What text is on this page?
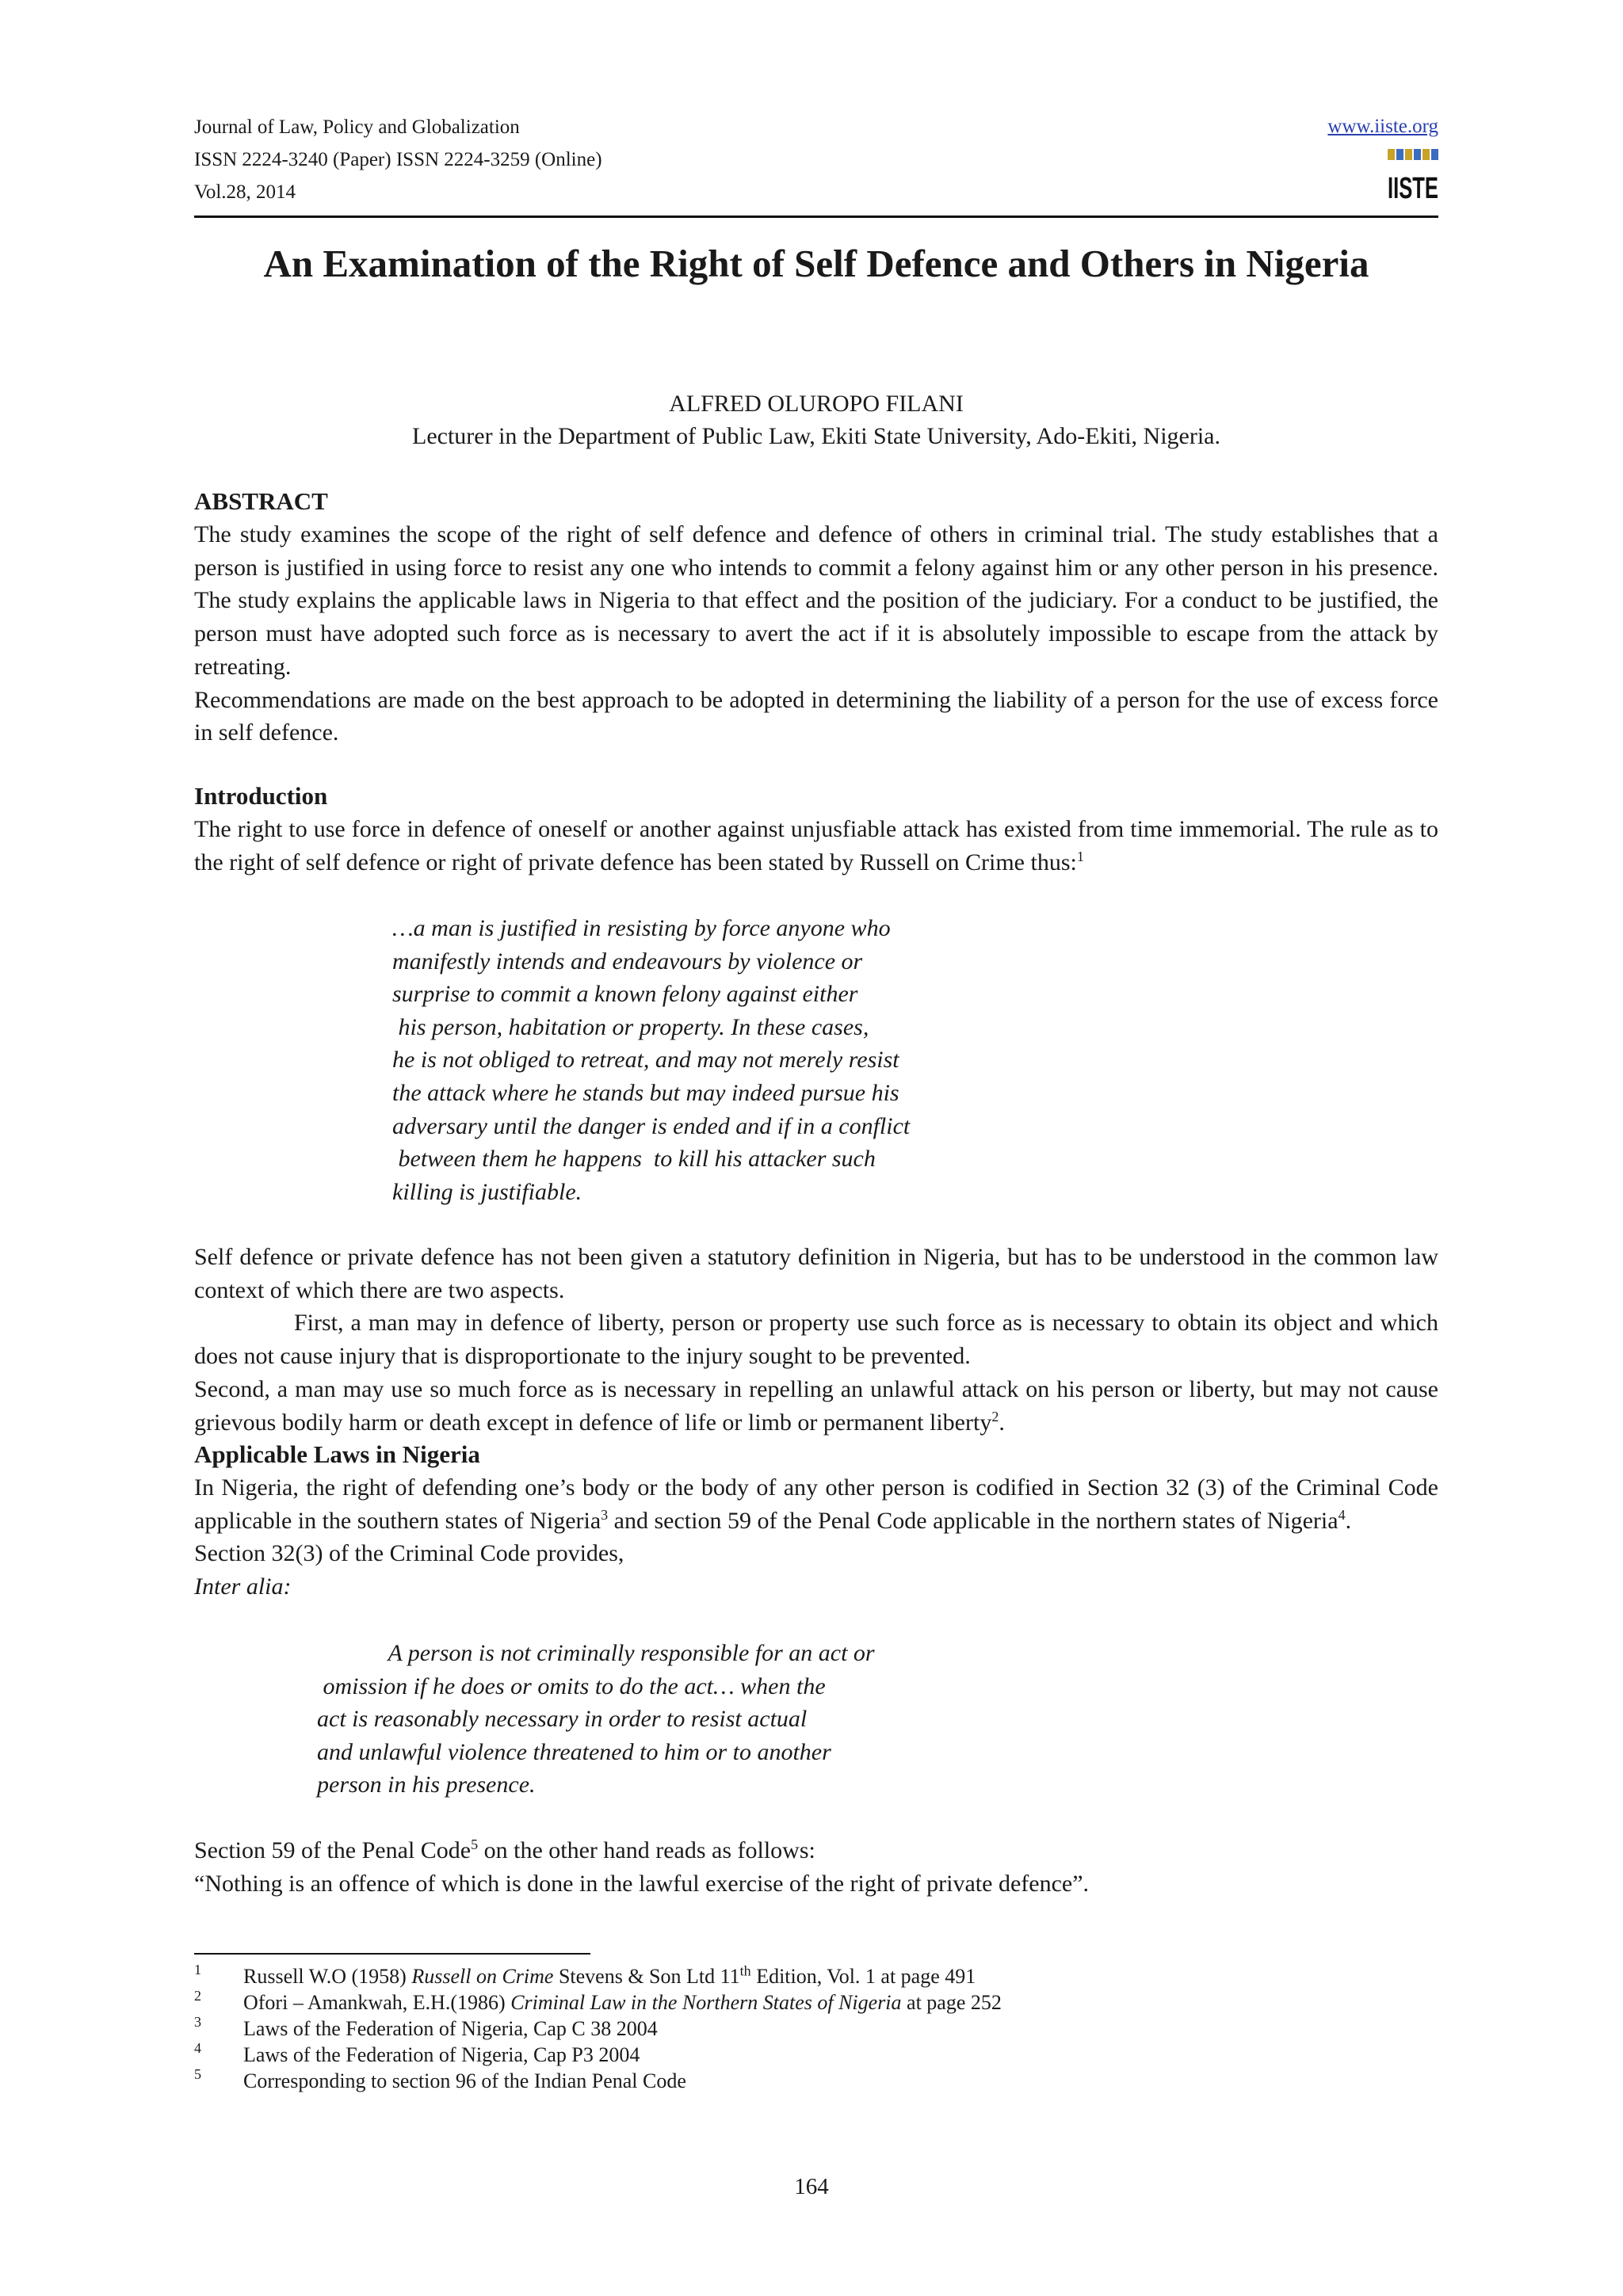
Journal of Law, Policy and Globalization
ISSN 2224-3240 (Paper) ISSN 2224-3259 (Online)
Vol.28, 2014
www.iiste.org
IISTE
An Examination of the Right of Self Defence and Others in Nigeria
ALFRED OLUROPO FILANI
Lecturer in the Department of Public Law, Ekiti State University, Ado-Ekiti, Nigeria.
ABSTRACT

The study examines the scope of the right of self defence and defence of others in criminal trial. The study establishes that a person is justified in using force to resist any one who intends to commit a felony against him or any other person in his presence. The study explains the applicable laws in Nigeria to that effect and the position of the judiciary. For a conduct to be justified, the person must have adopted such force as is necessary to avert the act if it is absolutely impossible to escape from the attack by retreating.

Recommendations are made on the best approach to be adopted in determining the liability of a person for the use of excess force in self defence.

Introduction

The right to use force in defence of oneself or another against unjusfiable attack has existed from time immemorial. The rule as to the right of self defence or right of private defence has been stated by Russell on Crime thus:$^1$

…a man is justified in resisting by force anyone who
manifestly intends and endeavours by violence or
surprise to commit a known felony against either
his person, habitation or property. In these cases,
he is not obliged to retreat, and may not merely resist
the attack where he stands but may indeed pursue his
adversary until the danger is ended and if in a conflict
between them he happens  to kill his attacker such
killing is justifiable.

Self defence or private defence has not been given a statutory definition in Nigeria, but has to be understood in the common law context of which there are two aspects.

First, a man may in defence of liberty, person or property use such force as is necessary to obtain its object and which does not cause injury that is disproportionate to the injury sought to be prevented.

Second, a man may use so much force as is necessary in repelling an unlawful attack on his person or liberty, but may not cause grievous bodily harm or death except in defence of life or limb or permanent liberty$^2$.

Applicable Laws in Nigeria

In Nigeria, the right of defending one’s body or the body of any other person is codified in Section 32 (3) of the Criminal Code applicable in the southern states of Nigeria$^3$ and section 59 of the Penal Code applicable in the northern states of Nigeria$^4$.

Section 32(3) of the Criminal Code provides,

Inter alia:

A person is not criminally responsible for an act or
omission if he does or omits to do the act… when the
act is reasonably necessary in order to resist actual
and unlawful violence threatened to him or to another
person in his presence.

Section 59 of the Penal Code$^5$ on the other hand reads as follows:

“Nothing is an offence of which is done in the lawful exercise of the right of private defence”.

1 Russell W.O (1958) Russell on Crime Stevens & Son Ltd 11th Edition, Vol. 1 at page 491
2 Ofori – Amankwah, E.H.(1986) Criminal Law in the Northern States of Nigeria at page 252
3 Laws of the Federation of Nigeria, Cap C 38 2004
4 Laws of the Federation of Nigeria, Cap P3 2004
5 Corresponding to section 96 of the Indian Penal Code
164
